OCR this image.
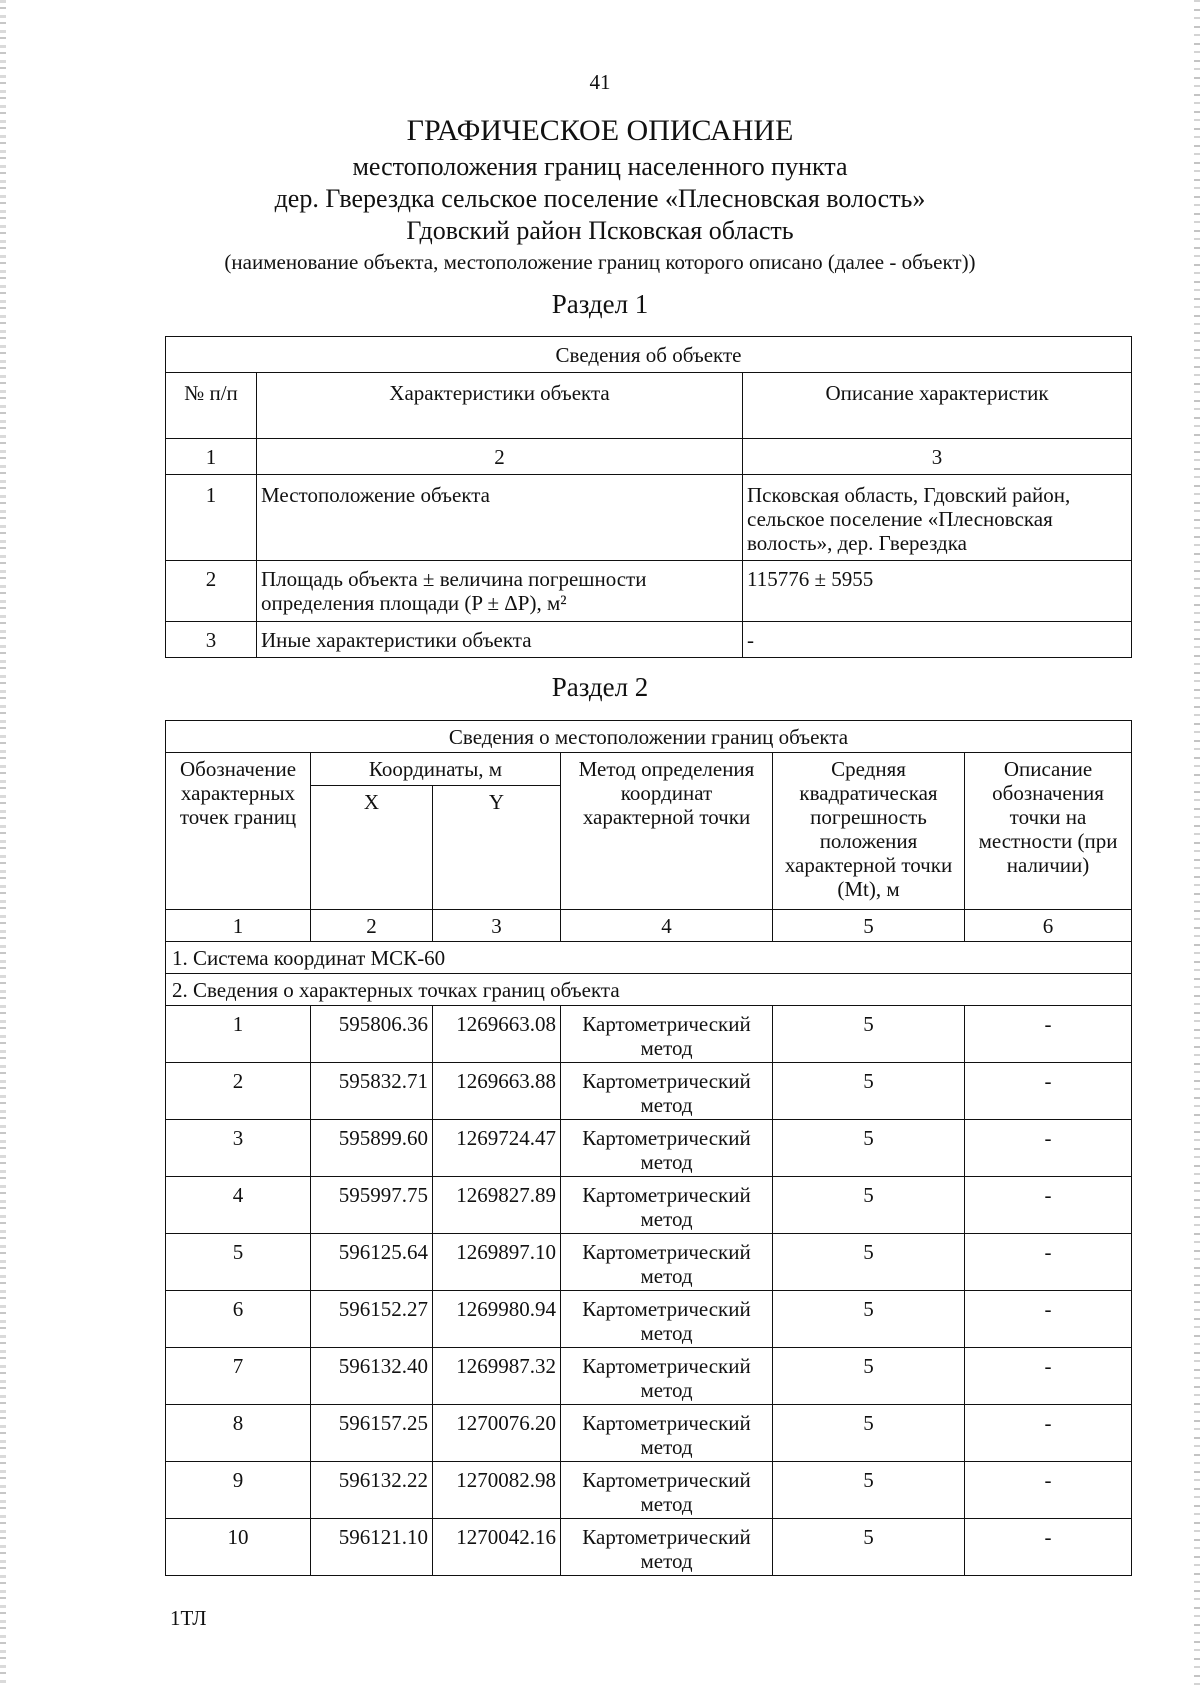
41
ГРАФИЧЕСКОЕ ОПИСАНИЕ
местоположения границ населенного пункта
дер. Гверездка сельское поселение «Плесновская волость»
Гдовский район Псковская область
(наименование объекта, местоположение границ которого описано (далее - объект))
Раздел 1
Сведения об объекте		
№ п/п	Характеристики объекта	Описание характеристик
1	2	3
1	Местоположение объекта	Псковская область, Гдовский район, сельское поселение «Плесновская волость», дер. Гверездка
2	Площадь объекта ± величина погрешности определения площади (P ± ΔP), м²	115776 ± 5955
3	Иные характеристики объекта	-
Раздел 2
Сведения о местоположении границ объекта					
Обозначение характерных точек границ	Координаты, м		Метод определения координат характерной точки	Средняя квадратическая погрешность положения характерной точки (Mt), м	Описание обозначения точки на местности (при наличии)
	X	Y			
1	2	3	4	5	6
1. Система координат МСК-60					
2. Сведения о характерных точках границ объекта					
1	595806.36	1269663.08	Картометрический метод	5	-
2	595832.71	1269663.88	Картометрический метод	5	-
3	595899.60	1269724.47	Картометрический метод	5	-
4	595997.75	1269827.89	Картометрический метод	5	-
5	596125.64	1269897.10	Картометрический метод	5	-
6	596152.27	1269980.94	Картометрический метод	5	-
7	596132.40	1269987.32	Картометрический метод	5	-
8	596157.25	1270076.20	Картометрический метод	5	-
9	596132.22	1270082.98	Картометрический метод	5	-
10	596121.10	1270042.16	Картометрический метод	5	-
1ТЛ
